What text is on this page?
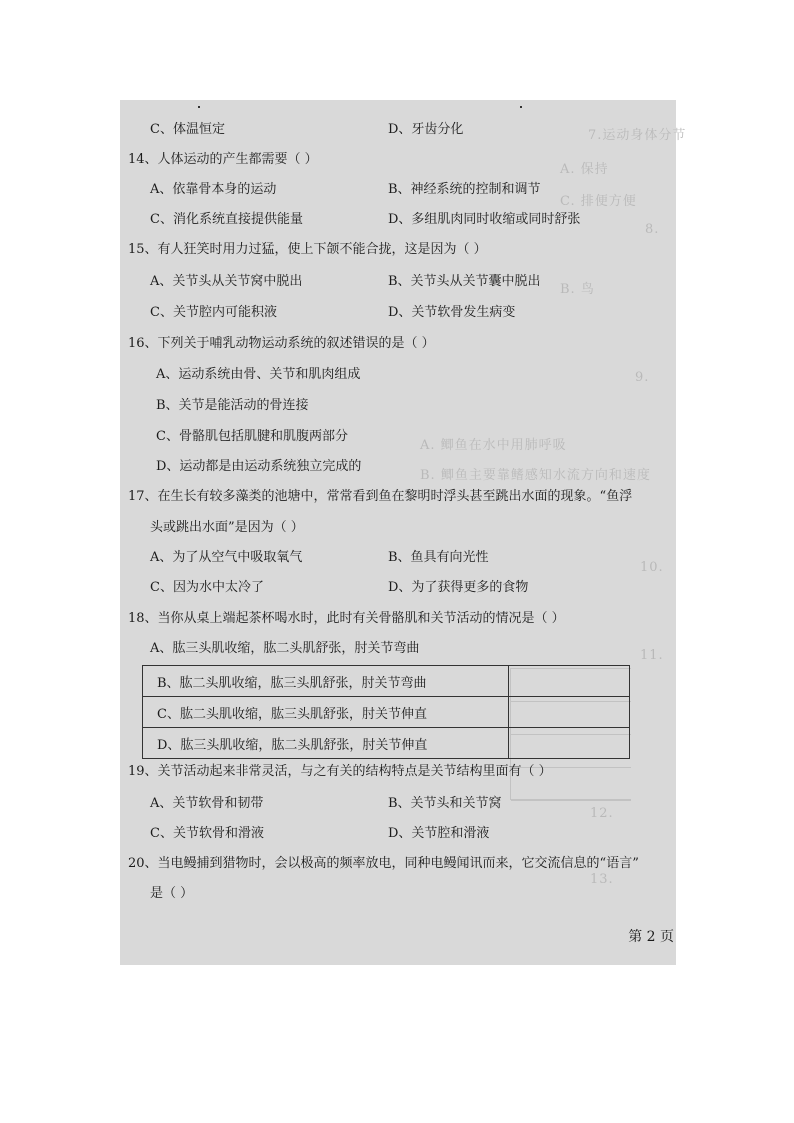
7.运动身体分节
A. 保持
C. 排便方便
8.
B. 鸟
9.
A. 鲫鱼在水中用肺呼吸
B. 鲫鱼主要靠鳍感知水流方向和速度
10.
11.
12.
13.
C、体温恒定	D、牙齿分化
14、人体运动的产生都需要（ ）
A、依靠骨本身的运动	B、神经系统的控制和调节
C、消化系统直接提供能量	D、多组肌肉同时收缩或同时舒张
15、有人狂笑时用力过猛，使上下颌不能合拢，这是因为（ ）
A、关节头从关节窝中脱出	B、关节头从关节囊中脱出
C、关节腔内可能积液	D、关节软骨发生病变
16、下列关于哺乳动物运动系统的叙述错误的是（ ）
A、运动系统由骨、关节和肌肉组成
B、关节是能活动的骨连接
C、骨骼肌包括肌腱和肌腹两部分
D、运动都是由运动系统独立完成的
17、在生长有较多藻类的池塘中，常常看到鱼在黎明时浮头甚至跳出水面的现象。“鱼浮
头或跳出水面”是因为（ ）
A、为了从空气中吸取氧气	B、鱼具有向光性
C、因为水中太冷了	D、为了获得更多的食物
18、当你从桌上端起茶杯喝水时，此时有关骨骼肌和关节活动的情况是（ ）
A、肱三头肌收缩，肱二头肌舒张，肘关节弯曲
B、肱二头肌收缩，肱三头肌舒张，肘关节弯曲	
C、肱二头肌收缩，肱三头肌舒张，肘关节伸直	
D、肱三头肌收缩，肱二头肌舒张，肘关节伸直	
19、关节活动起来非常灵活，与之有关的结构特点是关节结构里面有（ ）
A、关节软骨和韧带	B、关节头和关节窝
C、关节软骨和滑液	D、关节腔和滑液
20、当电鳗捕到猎物时，会以极高的频率放电，同种电鳗闻讯而来，它交流信息的“语言”
是（ ）
第 2 页
